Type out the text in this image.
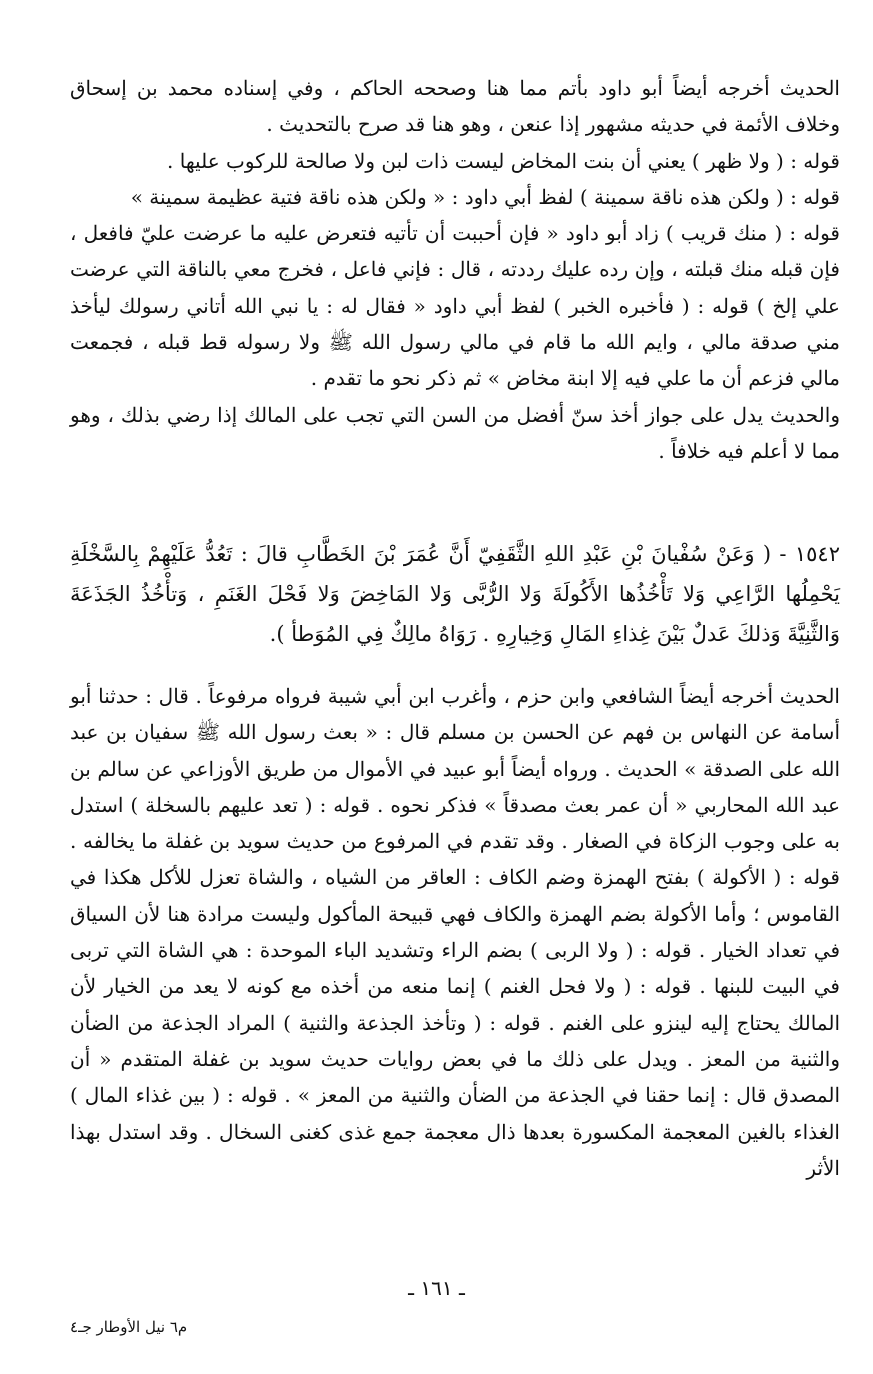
الحديث أخرجه أيضاً أبو داود بأتم مما هنا وصححه الحاكم ، وفي إسناده محمد بن إسحاق وخلاف الأئمة في حديثه مشهور إذا عنعن ، وهو هنا قد صرح بالتحديث .

قوله : ( ولا ظهر ) يعني أن بنت المخاض ليست ذات لبن ولا صالحة للركوب عليها .

قوله : ( ولكن هذه ناقة سمينة ) لفظ أبي داود : « ولكن هذه ناقة فتية عظيمة سمينة »

قوله : ( منك قريب ) زاد أبو داود « فإن أحببت أن تأتيه فتعرض عليه ما عرضت عليّ فافعل ، فإن قبله منك قبلته ، وإن رده عليك رددته ، قال : فإني فاعل ، فخرج معي بالناقة التي عرضت علي إلخ ) قوله : ( فأخبره الخبر ) لفظ أبي داود « فقال له : يا نبي الله أتاني رسولك ليأخذ مني صدقة مالي ، وايم الله ما قام في مالي رسول الله ﷺ ولا رسوله قط قبله ، فجمعت مالي فزعم أن ما علي فيه إلا ابنة مخاض » ثم ذكر نحو ما تقدم .

والحديث يدل على جواز أخذ سنّ أفضل من السن التي تجب على المالك إذا رضي بذلك ، وهو مما لا أعلم فيه خلافاً .

١٥٤٢ - ( وَعَنْ سُفْيانَ بْنِ عَبْدِ اللهِ الثَّقَفِيّ أَنَّ عُمَرَ بْنَ الخَطَّابِ قالَ : تَعُدُّ عَلَيْهِمْ بِالسَّخْلَةِ يَحْمِلُها الرَّاعِي وَلا تَأْخُذُها الأَكُولَةَ وَلا الرُّبَّى وَلا المَاخِضَ وَلا فَحْلَ الغَنَمِ ، وَتأْخُذُ الجَذَعَةَ وَالثَّنِيَّةَ وَذلكَ عَدلٌ بَيْنَ غِذاءِ المَالِ وَخِيارِهِ . رَوَاهُ مالِكٌ فِي المُوَطأ ).

الحديث أخرجه أيضاً الشافعي وابن حزم ، وأغرب ابن أبي شيبة فرواه مرفوعاً . قال : حدثنا أبو أسامة عن النهاس بن فهم عن الحسن بن مسلم قال : « بعث رسول الله ﷺ سفيان بن عبد الله على الصدقة » الحديث . ورواه أيضاً أبو عبيد في الأموال من طريق الأوزاعي عن سالم بن عبد الله المحاربي « أن عمر بعث مصدقاً » فذكر نحوه . قوله : ( تعد عليهم بالسخلة ) استدل به على وجوب الزكاة في الصغار . وقد تقدم في المرفوع من حديث سويد بن غفلة ما يخالفه . قوله : ( الأكولة ) بفتح الهمزة وضم الكاف : العاقر من الشياه ، والشاة تعزل للأكل هكذا في القاموس ؛ وأما الأكولة بضم الهمزة والكاف فهي قبيحة المأكول وليست مرادة هنا لأن السياق في تعداد الخيار . قوله : ( ولا الربى ) بضم الراء وتشديد الباء الموحدة : هي الشاة التي تربى في البيت للبنها . قوله : ( ولا فحل الغنم ) إنما منعه من أخذه مع كونه لا يعد من الخيار لأن المالك يحتاج إليه لينزو على الغنم . قوله : ( وتأخذ الجذعة والثنية ) المراد الجذعة من الضأن والثنية من المعز . ويدل على ذلك ما في بعض روايات حديث سويد بن غفلة المتقدم « أن المصدق قال : إنما حقنا في الجذعة من الضأن والثنية من المعز » . قوله : ( بين غذاء المال ) الغذاء بالغين المعجمة المكسورة بعدها ذال معجمة جمع غذى كغنى السخال . وقد استدل بهذا الأثر

ـ ١٦١ ـ
م٦ نيل الأوطار جـ٤
